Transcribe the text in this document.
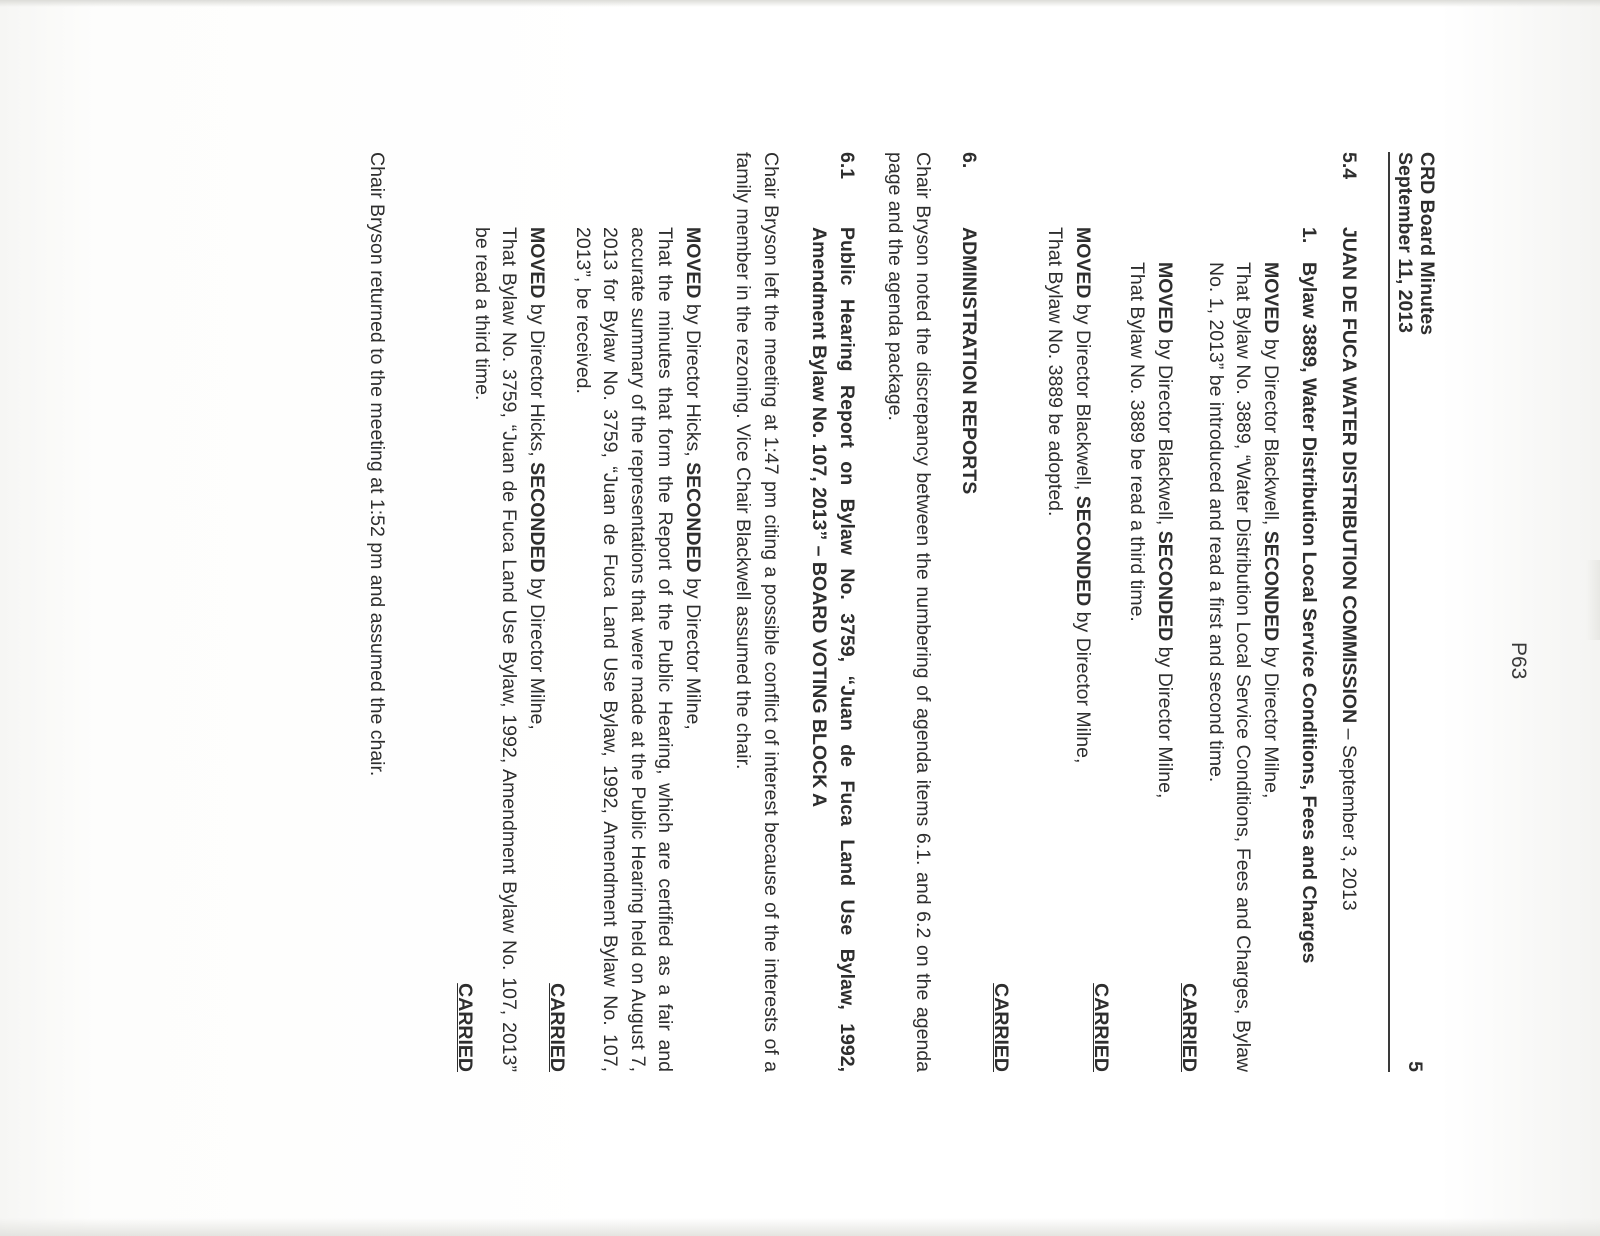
P63
CRD Board Minutes
September 11, 2013
5
5.4
JUAN DE FUCA WATER DISTRIBUTION COMMISSION – September 3, 2013
1.
Bylaw 3889, Water Distribution Local Service Conditions, Fees and Charges
MOVED by Director Blackwell, SECONDED by Director Milne,
That Bylaw No. 3889, “Water Distribution Local Service Conditions, Fees and Charges, Bylaw No. 1, 2013” be introduced and read a first and second time.
CARRIED
MOVED by Director Blackwell, SECONDED by Director Milne,
That Bylaw No. 3889 be read a third time.
CARRIED
MOVED by Director Blackwell, SECONDED by Director Milne,
That Bylaw No. 3889 be adopted.
CARRIED
6.
ADMINISTRATION REPORTS
Chair Bryson noted the discrepancy between the numbering of agenda items 6.1. and 6.2 on the agenda page and the agenda package.
6.1
Public Hearing Report on Bylaw No. 3759, “Juan de Fuca Land Use Bylaw, 1992, Amendment Bylaw No. 107, 2013” – BOARD VOTING BLOCK A
Chair Bryson left the meeting at 1:47 pm citing a possible conflict of interest because of the interests of a family member in the rezoning. Vice Chair Blackwell assumed the chair.
MOVED by Director Hicks, SECONDED by Director Milne,
That the minutes that form the Report of the Public Hearing, which are certified as a fair and accurate summary of the representations that were made at the Public Hearing held on August 7, 2013 for Bylaw No. 3759, “Juan de Fuca Land Use Bylaw, 1992, Amendment Bylaw No. 107, 2013”, be received.
CARRIED
MOVED by Director Hicks, SECONDED by Director Milne,
That Bylaw No. 3759, “Juan de Fuca Land Use Bylaw, 1992, Amendment Bylaw No. 107, 2013” be read a third time.
CARRIED
Chair Bryson returned to the meeting at 1:52 pm and assumed the chair.
